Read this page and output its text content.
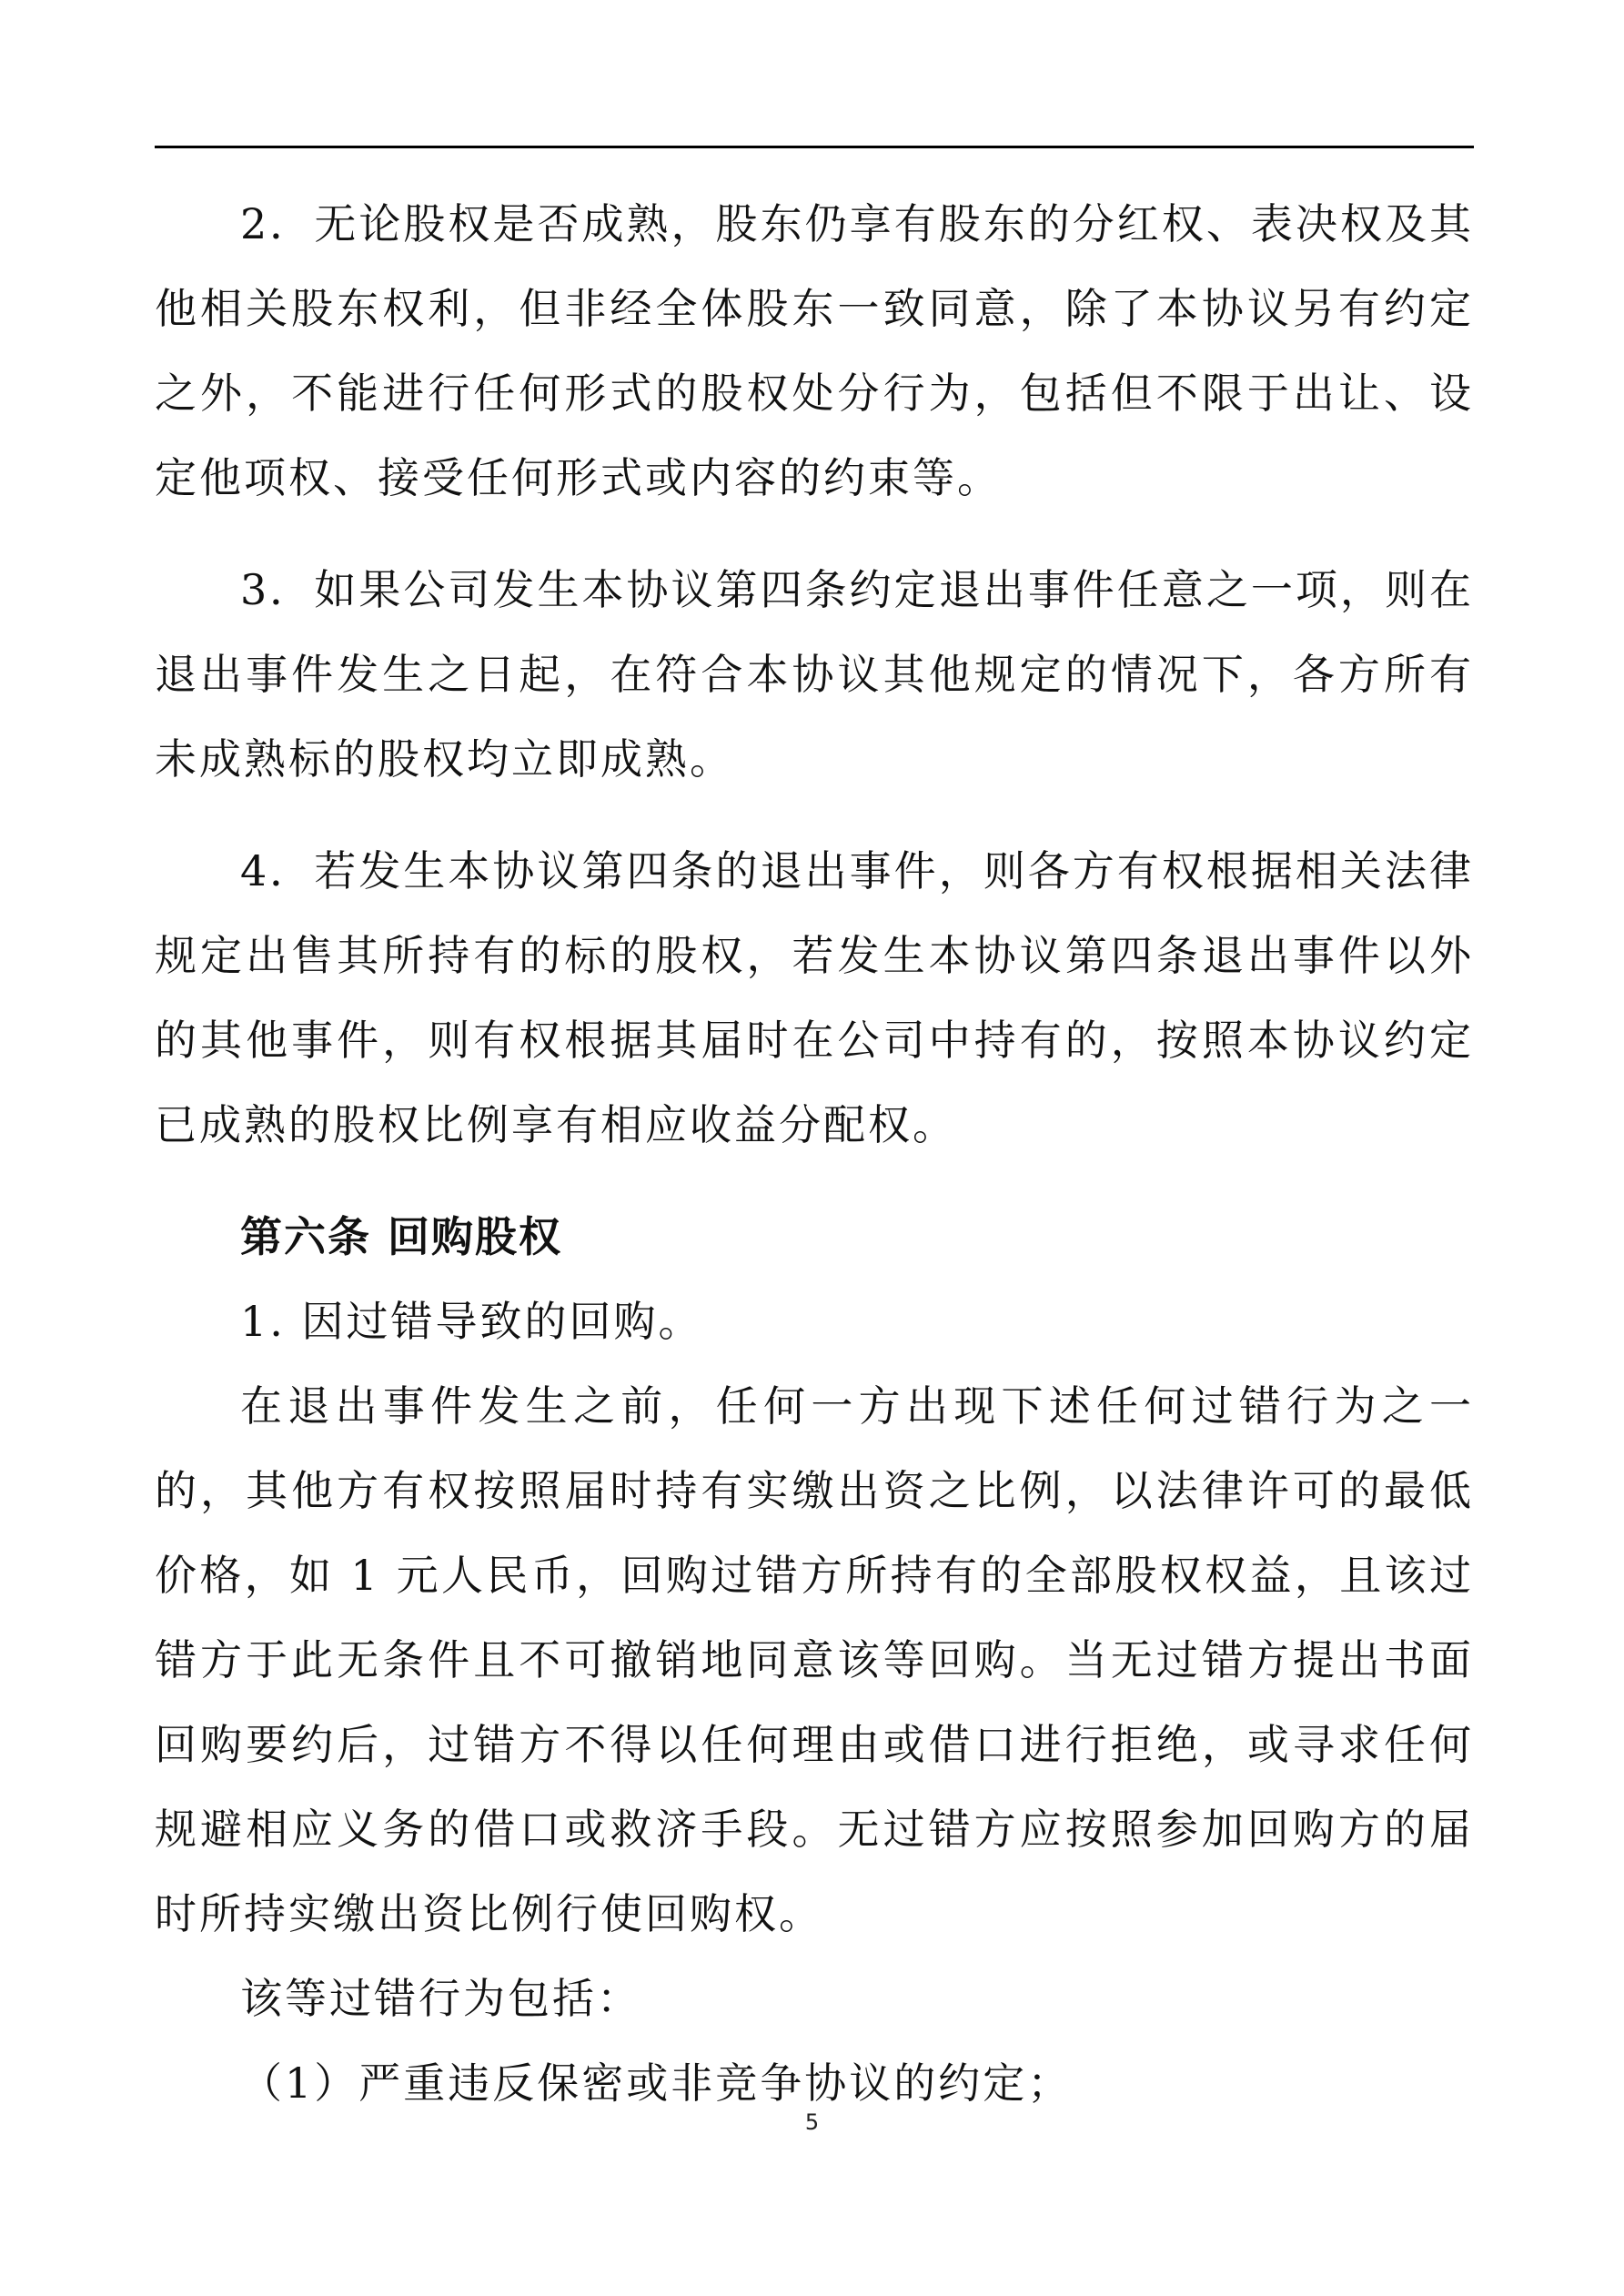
2．无论股权是否成熟，股东仍享有股东的分红权、表决权及其他相关股东权利，但非经全体股东一致同意，除了本协议另有约定之外，不能进行任何形式的股权处分行为，包括但不限于出让、设定他项权、接受任何形式或内容的约束等。

3．如果公司发生本协议第四条约定退出事件任意之一项，则在退出事件发生之日起，在符合本协议其他规定的情况下，各方所有未成熟标的股权均立即成熟。

4．若发生本协议第四条的退出事件，则各方有权根据相关法律规定出售其所持有的标的股权，若发生本协议第四条退出事件以外的其他事件，则有权根据其届时在公司中持有的，按照本协议约定已成熟的股权比例享有相应收益分配权。

第六条 回购股权

1. 因过错导致的回购。

在退出事件发生之前，任何一方出现下述任何过错行为之一的，其他方有权按照届时持有实缴出资之比例，以法律许可的最低价格，如 1 元人民币，回购过错方所持有的全部股权权益，且该过错方于此无条件且不可撤销地同意该等回购。当无过错方提出书面回购要约后，过错方不得以任何理由或借口进行拒绝，或寻求任何规避相应义务的借口或救济手段。无过错方应按照参加回购方的届时所持实缴出资比例行使回购权。

该等过错行为包括：

（1）严重违反保密或非竞争协议的约定；

5
